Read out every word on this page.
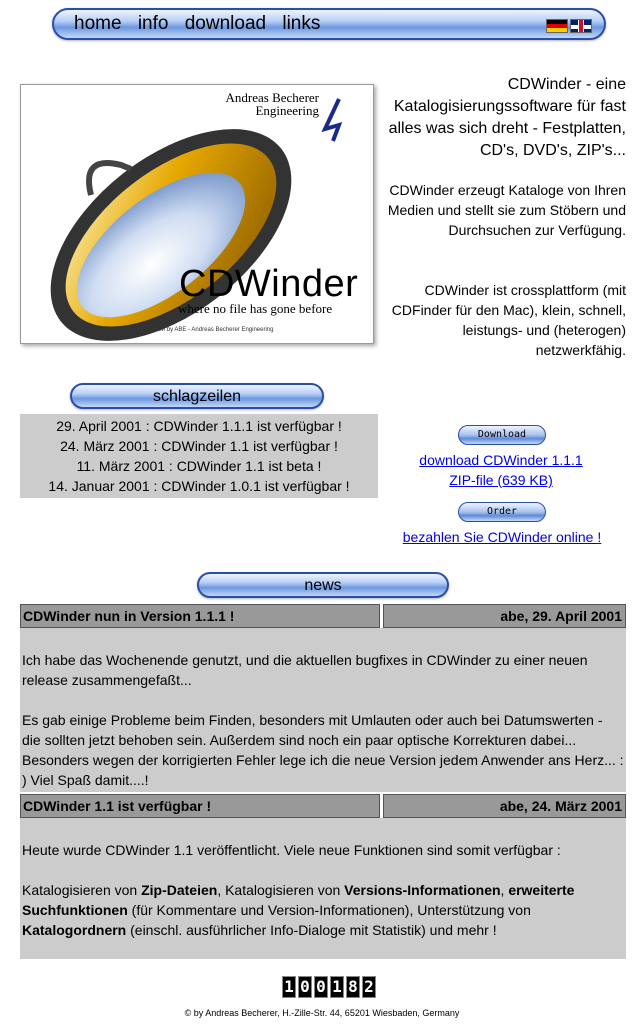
home info download links
Andreas Becherer
Engineering
CDWinder
where no file has gone before
© MM by ABE - Andreas Becherer Engineering
CDWinder - eine Katalogisierungssoftware für fast alles was sich dreht - Festplatten, CD's, DVD's, ZIP's...
CDWinder erzeugt Kataloge von Ihren Medien und stellt sie zum Stöbern und Durchsuchen zur Verfügung.
CDWinder ist crossplattform (mit CDFinder für den Mac), klein, schnell, leistungs- und (heterogen) netzwerkfähig.
schlagzeilen
29. April 2001 : CDWinder 1.1.1 ist verfügbar !
24. März 2001 : CDWinder 1.1 ist verfügbar !
11. März 2001 : CDWinder 1.1 ist beta !
14. Januar 2001 : CDWinder 1.0.1 ist verfügbar !
Download
download CDWinder 1.1.1
ZIP-file (639 KB)
Order
bezahlen Sie CDWinder online !
news
CDWinder nun in Version 1.1.1 !	abe, 29. April 2001

Ich habe das Wochenende genutzt, und die aktuellen bugfixes in CDWinder zu einer neuen release zusammengefaßt...

Es gab einige Probleme beim Finden, besonders mit Umlauten oder auch bei Datumswerten - die sollten jetzt behoben sein. Außerdem sind noch ein paar optische Korrekturen dabei... Besonders wegen der korrigierten Fehler lege ich die neue Version jedem Anwender ans Herz... : ) Viel Spaß damit....!

CDWinder 1.1 ist verfügbar !	abe, 24. März 2001

Heute wurde CDWinder 1.1 veröffentlicht. Viele neue Funktionen sind somit verfügbar :

Katalogisieren von Zip-Dateien, Katalogisieren von Versions-Informationen, erweiterte Suchfunktionen (für Kommentare und Version-Informationen), Unterstützung von Katalogordnern (einschl. ausführlicher Info-Dialoge mit Statistik) und mehr !

1 0 0 1 8 2
© by Andreas Becherer, H.-Zille-Str. 44, 65201 Wiesbaden, Germany
